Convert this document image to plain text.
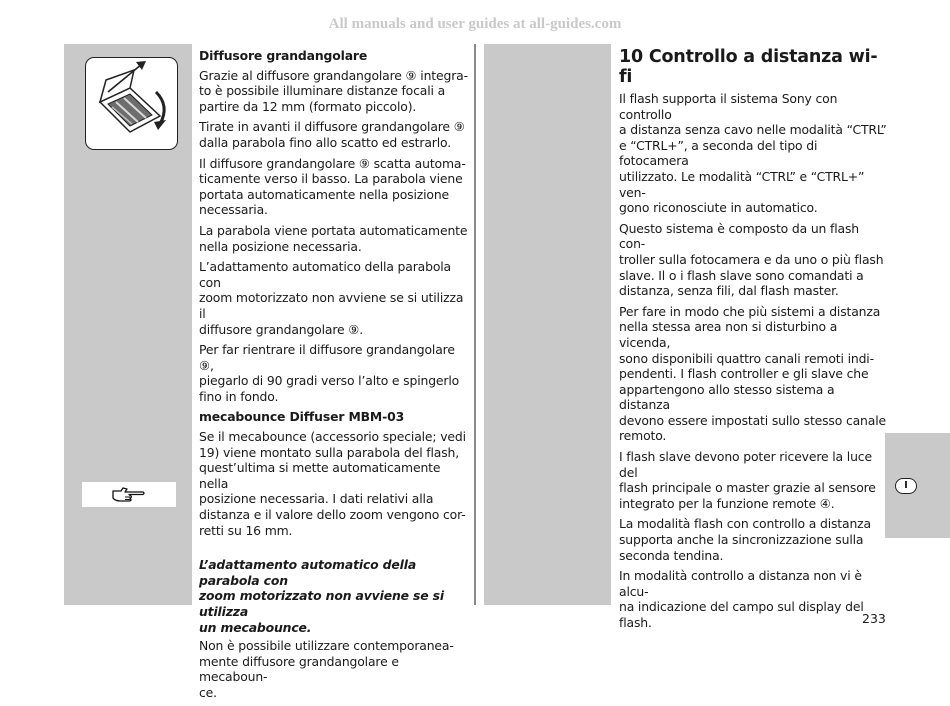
All manuals and user guides at all-guides.com

Diffusore grandangolare

Grazie al diffusore grandangolare ⑨ integra-
to è possibile illuminare distanze focali a
partire da 12 mm (formato piccolo).

Tirate in avanti il diffusore grandangolare ⑨
dalla parabola fino allo scatto ed estrarlo.

Il diffusore grandangolare ⑨ scatta automa-
ticamente verso il basso. La parabola viene
portata automaticamente nella posizione
necessaria.

La parabola viene portata automaticamente
nella posizione necessaria.

L’adattamento automatico della parabola con
zoom motorizzato non avviene se si utilizza il
diffusore grandangolare ⑨.

Per far rientrare il diffusore grandangolare ⑨,
piegarlo di 90 gradi verso l’alto e spingerlo
fino in fondo.

mecabounce Diffuser MBM-03

Se il mecabounce (accessorio speciale; vedi
19) viene montato sulla parabola del flash,
quest’ultima si mette automaticamente nella
posizione necessaria. I dati relativi alla
distanza e il valore dello zoom vengono cor-
retti su 16 mm.

L’adattamento automatico della parabola con
zoom motorizzato non avviene se si utilizza
un mecabounce.

Non è possibile utilizzare contemporanea-
mente diffusore grandangolare e mecaboun-
ce.

10 Controllo a distanza wi-fi

Il flash supporta il sistema Sony con controllo
a distanza senza cavo nelle modalità “CTRL”
e “CTRL+”, a seconda del tipo di fotocamera
utilizzato. Le modalità “CTRL” e “CTRL+” ven-
gono riconosciute in automatico.

Questo sistema è composto da un flash con-
troller sulla fotocamera e da uno o più flash
slave. Il o i flash slave sono comandati a
distanza, senza fili, dal flash master.

Per fare in modo che più sistemi a distanza
nella stessa area non si disturbino a vicenda,
sono disponibili quattro canali remoti indi-
pendenti. I flash controller e gli slave che
appartengono allo stesso sistema a distanza
devono essere impostati sullo stesso canale
remoto.

I flash slave devono poter ricevere la luce del
flash principale o master grazie al sensore
integrato per la funzione remote ④.

La modalità flash con controllo a distanza
supporta anche la sincronizzazione sulla
seconda tendina.

In modalità controllo a distanza non vi è alcu-
na indicazione del campo sul display del
flash.

I
233
